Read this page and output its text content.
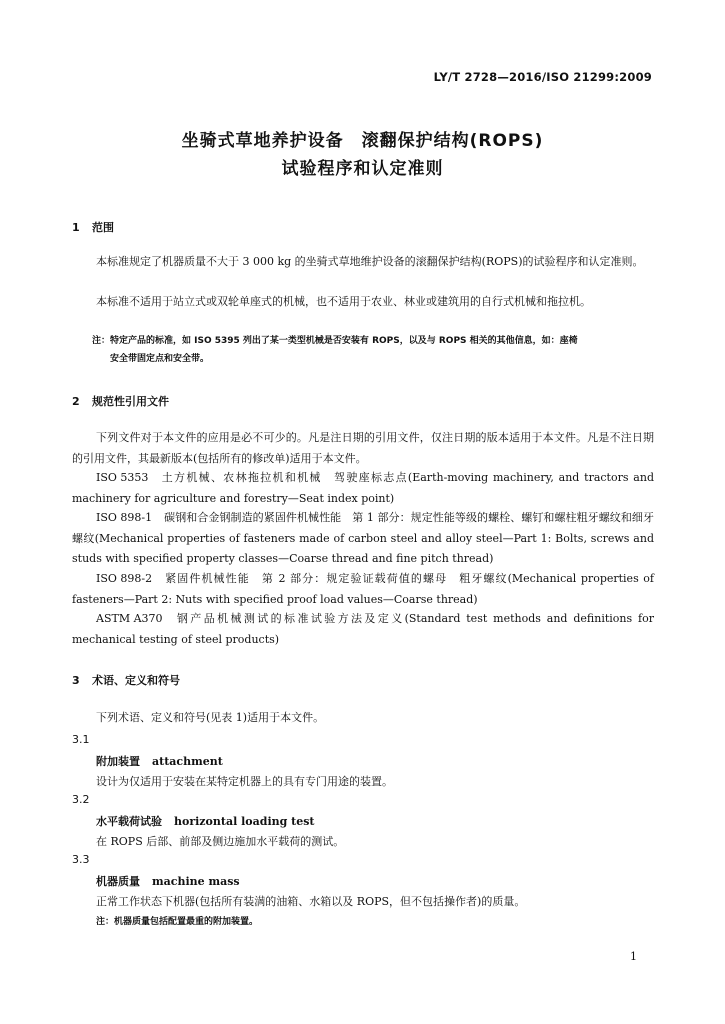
LY/T 2728—2016/ISO 21299:2009
坐骑式草地养护设备　滚翻保护结构(ROPS)
试验程序和认定准则
1 范围
本标准规定了机器质量不大于 3 000 kg 的坐骑式草地维护设备的滚翻保护结构(ROPS)的试验程序和认定准则。
本标准不适用于站立式或双轮单座式的机械，也不适用于农业、林业或建筑用的自行式机械和拖拉机。
注：特定产品的标准，如 ISO 5395 列出了某一类型机械是否安装有 ROPS，以及与 ROPS 相关的其他信息，如：座椅
安全带固定点和安全带。
2 规范性引用文件
下列文件对于本文件的应用是必不可少的。凡是注日期的引用文件，仅注日期的版本适用于本文件。凡是不注日期的引用文件，其最新版本(包括所有的修改单)适用于本文件。
ISO 5353 土方机械、农林拖拉机和机械　驾驶座标志点(Earth-moving machinery, and tractors and machinery for agriculture and forestry—Seat index point)
ISO 898-1 碳钢和合金钢制造的紧固件机械性能　第 1 部分：规定性能等级的螺栓、螺钉和螺柱粗牙螺纹和细牙螺纹(Mechanical properties of fasteners made of carbon steel and alloy steel—Part 1: Bolts, screws and studs with specified property classes—Coarse thread and fine pitch thread)
ISO 898-2 紧固件机械性能　第 2 部分：规定验证载荷值的螺母　粗牙螺纹(Mechanical properties of fasteners—Part 2: Nuts with specified proof load values—Coarse thread)
ASTM A370 钢产品机械测试的标准试验方法及定义(Standard test methods and definitions for mechanical testing of steel products)
3 术语、定义和符号
下列术语、定义和符号(见表 1)适用于本文件。
3.1
附加装置 attachment
设计为仅适用于安装在某特定机器上的具有专门用途的装置。
3.2
水平载荷试验 horizontal loading test
在 ROPS 后部、前部及侧边施加水平载荷的测试。
3.3
机器质量 machine mass
正常工作状态下机器(包括所有装满的油箱、水箱以及 ROPS，但不包括操作者)的质量。
注：机器质量包括配置最重的附加装置。
1
